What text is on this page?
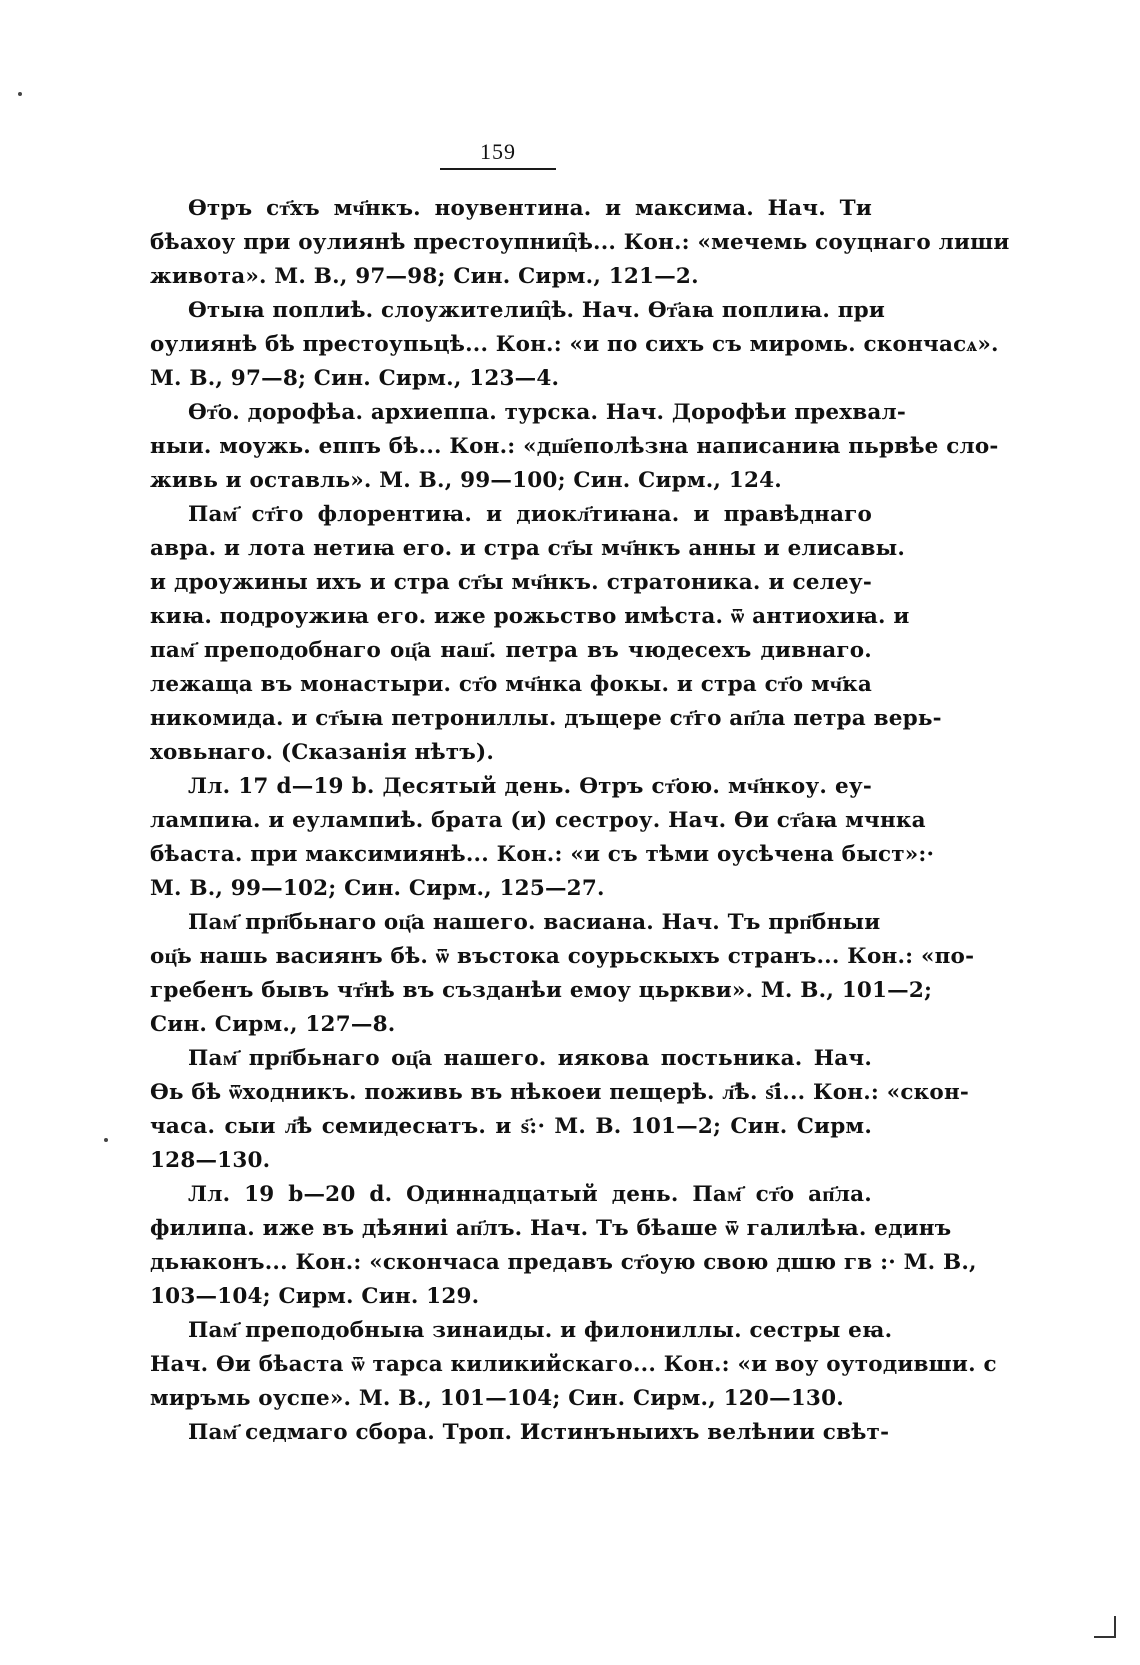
159
Ѳтръ ст҃хъ мч҃нкъ. ноувентина. и максима. Нач. Ти
бѣахоу при оулиянѣ престоупниц̑ѣ... Кон.: «мечемь соуцнаго лиши
живота». М. В., 97—98; Син. Сирм., 121—2.
Ѳтыꙗ поплиѣ. слоужителиц̑ѣ. Нач. Ѳт҃аꙗ поплиꙗ. при
оулиянѣ бѣ престоупьцѣ... Кон.: «и по сихъ съ миромь. скончасѧ».
М. В., 97—8; Син. Сирм., 123—4.
Ѳт҃о. дорофѣа. архиеппа. турска. Нач. Дорофѣи прехвал-
ныи. моужь. еппъ бѣ... Кон.: «дш҃еполѣзна написаниꙗ пьрвѣе сло-
живь и оставль». М. В., 99—100; Син. Сирм., 124.
Пам҃ ст҃го флорентиꙗ. и диокл҃тиꙗна. и правѣднаго
авра. и лота нетиꙗ его. и стра ст҃ы мч҃нкъ анны и елисавы.
и дроужины ихъ и стра ст҃ы мч҃нкъ. стратоника. и селеу-
киꙗ. подроужиꙗ его. иже рожьство имѣста. ѿ антиохиꙗ. и
пам҃ преподобнаго оц҃а наш҃. петра въ чюдесехъ дивнаго.
лежаща въ монастыри. ст҃о мч҃нка фокы. и стра ст҃о мч҃ка
никомида. и ст҃ыꙗ петрониллы. дъщере ст҃го ап҃ла петра верь-
ховьнаго. (Сказанія нѣтъ).
Лл. 17 d—19 b. Десятый день. Ѳтръ ст҃ою. мч҃нкоу. еу-
лампиꙗ. и еулампиѣ. брата (и) сестроу. Нач. Ѳи ст҃аꙗ мчнка
бѣаста. при максимиянѣ... Кон.: «и съ тѣми оусѣчена быст»:·
М. В., 99—102; Син. Сирм., 125—27.
Пам҃ прп҃бьнаго оц҃а нашего. васиана. Нач. Тъ прп҃бныи
оц҃ь нашь васиянъ бѣ. ѿ въстока соурьскыхъ странъ... Кон.: «по-
гребенъ бывъ чт҃нѣ въ създанѣи емоу цьркви». М. В., 101—2;
Син. Сирм., 127—8.
Пам҃ прп҃бьнаго оц҃а нашего. иякова постьника. Нач.
Ѳь бѣ ѿходникъ. поживь въ нѣкоеи пещерѣ. л҃ѣ. ѕ҃і... Кон.: «скон-
часа. сыи л҃ѣ семидесꙗтъ. и ѕ҃:· М. В. 101—2; Син. Сирм.
128—130.
Лл. 19 b—20 d. Одиннадцатый день. Пам҃ ст҃о ап҃ла.
филипа. иже въ дѣяниі ап҃лъ. Нач. Тъ бѣаше ѿ галилѣꙗ. единъ
дьꙗконъ... Кон.: «скончаса предавъ ст҃оую свою дшю гв :· М. В.,
103—104; Сирм. Син. 129.
Пам҃ преподобныꙗ зинаиды. и филониллы. сестры еꙗ.
Нач. Ѳи бѣаста ѿ тарса киликийскаго... Кон.: «и воу оутодивши. с
миръмь оуспе». М. В., 101—104; Син. Сирм., 120—130.
Пам҃ седмаго сбора. Троп. Истинъныихъ велѣнии свѣт-
